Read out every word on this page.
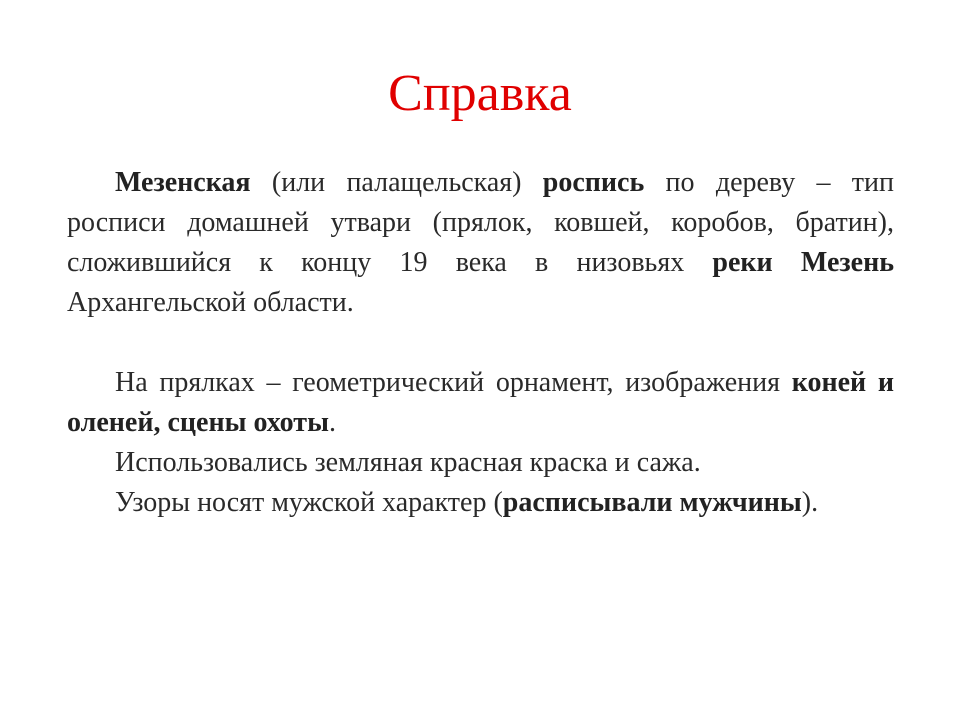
Справка

Мезенская (или палащельская) роспись по дереву – тип росписи домашней утвари (прялок, ковшей, коробов, братин), сложившийся к концу 19 века в низовьях реки Мезень Архангельской области.

На прялках – геометрический орнамент, изображения коней и оленей, сцены охоты.

Использовались земляная красная краска и сажа.

Узоры носят мужской характер (расписывали мужчины).
